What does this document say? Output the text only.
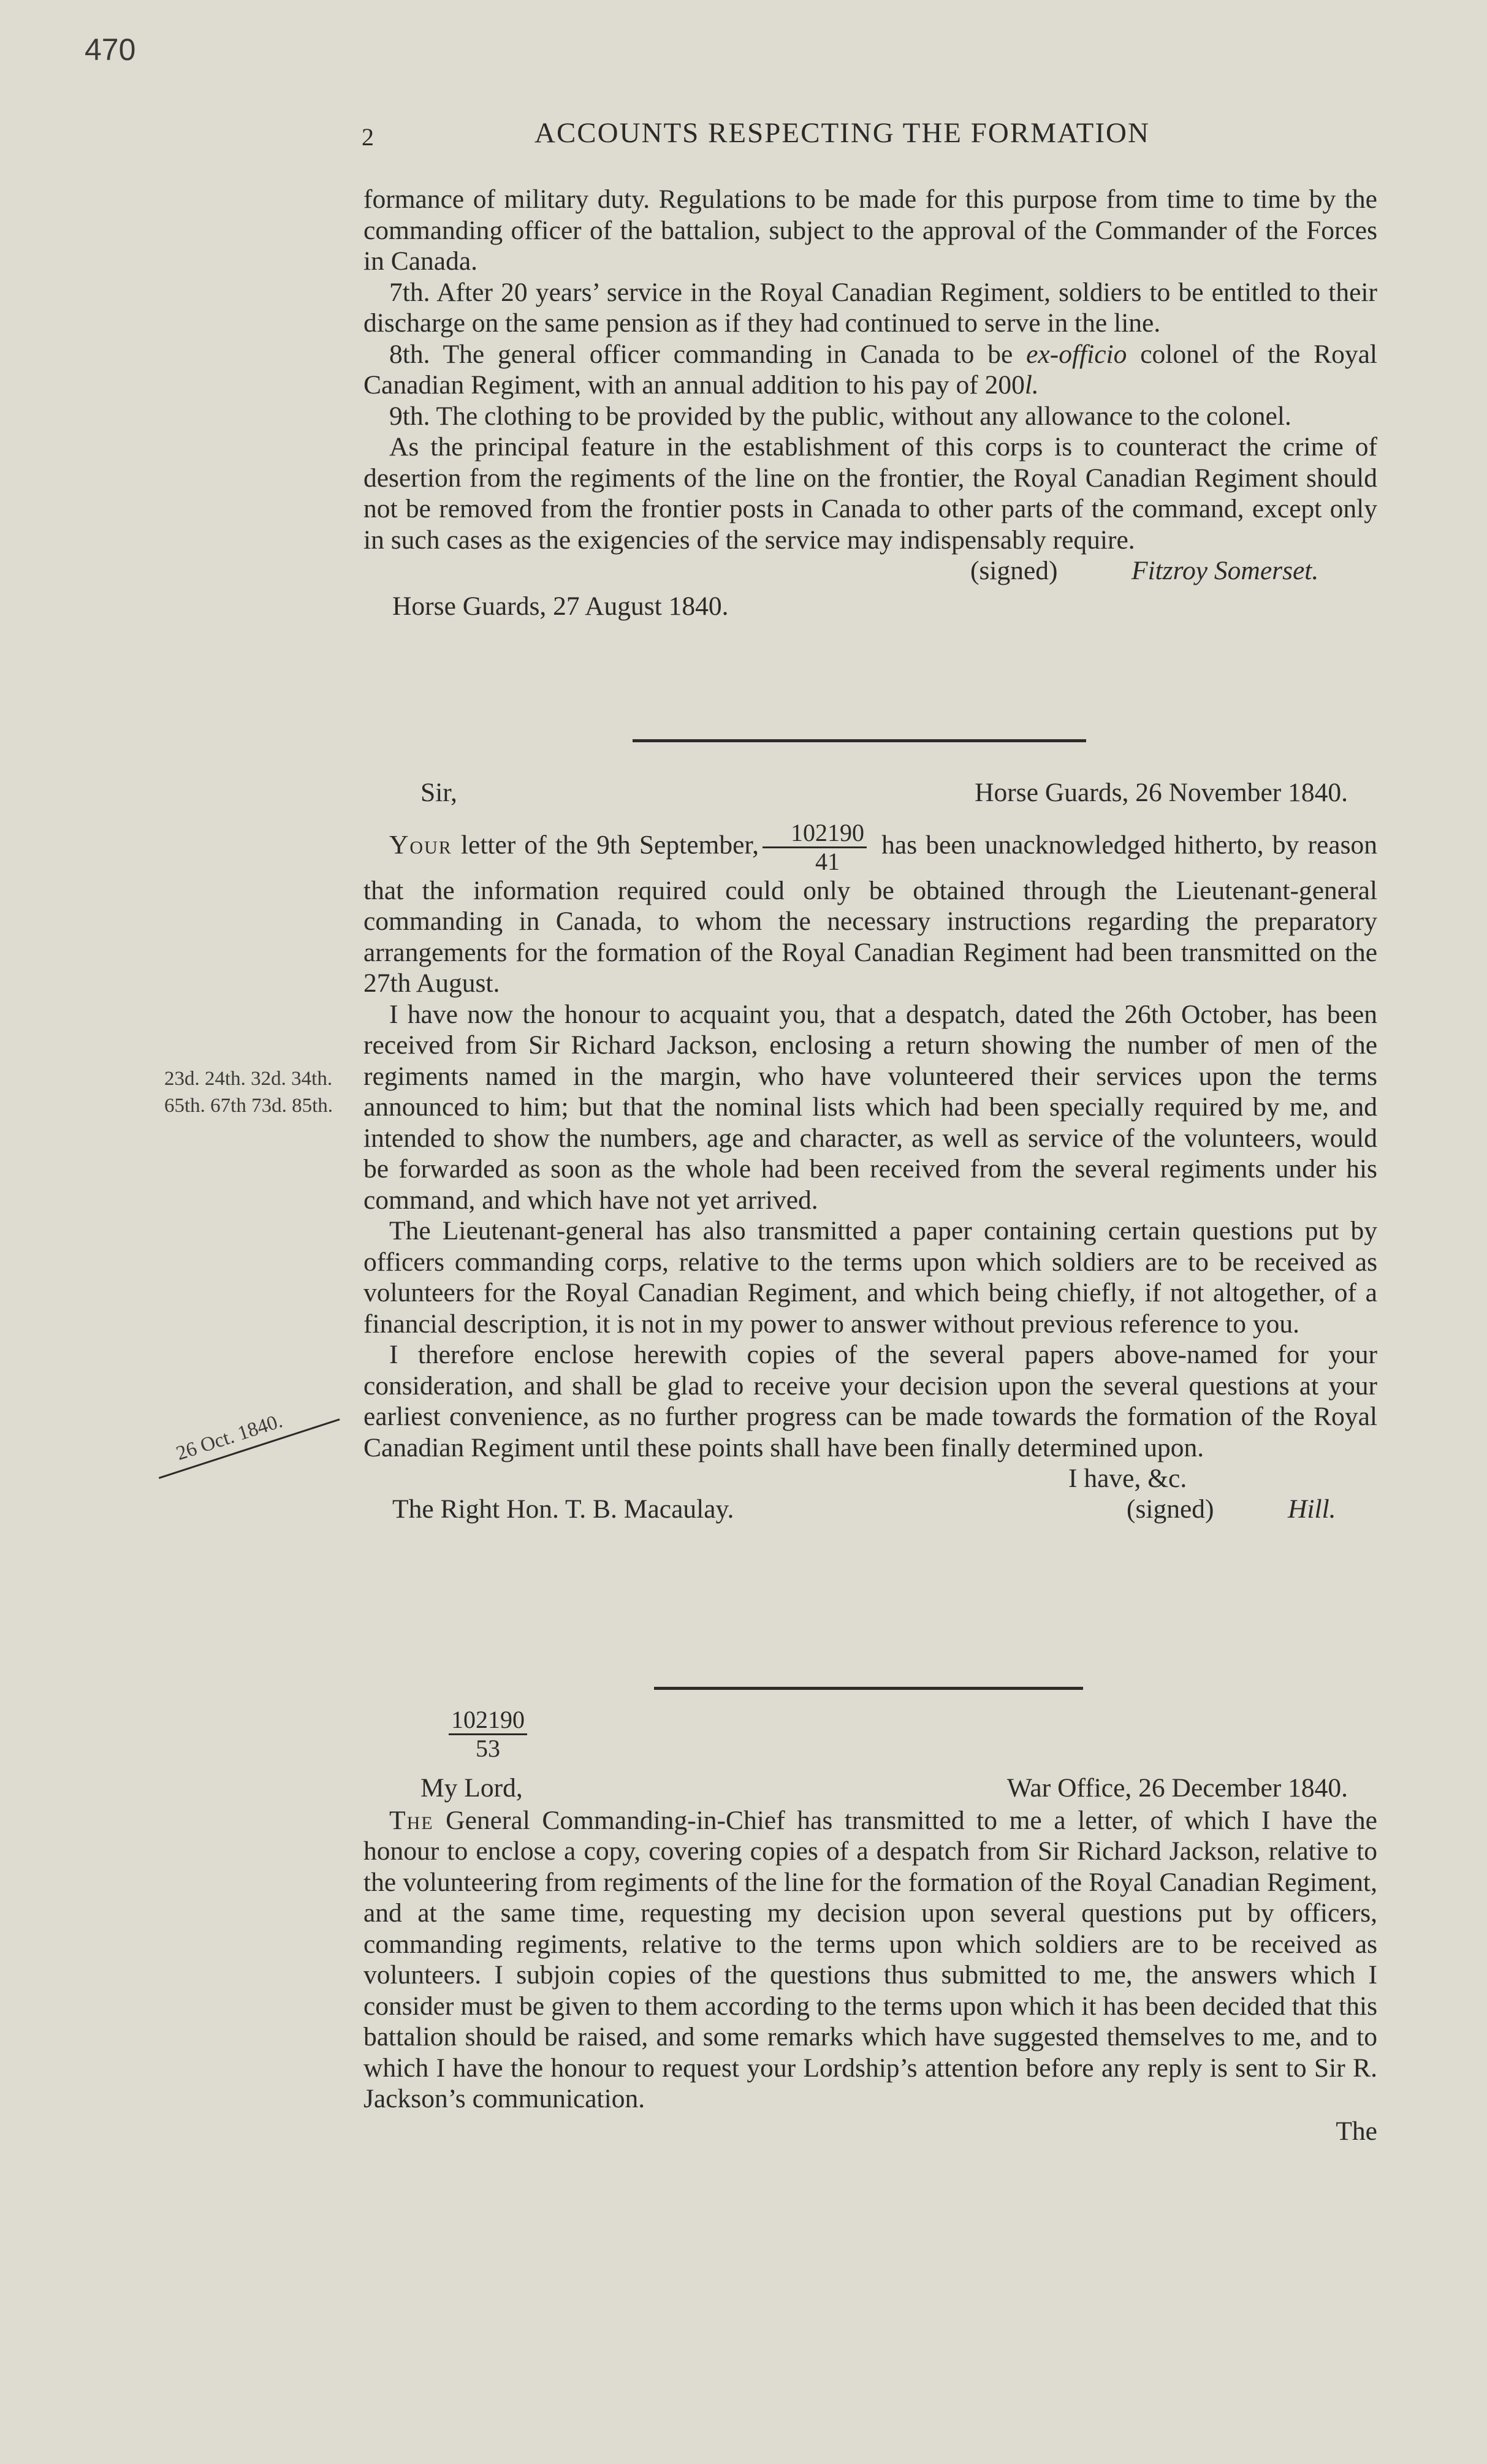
470
2	ACCOUNTS RESPECTING THE FORMATION

formance of military duty. Regulations to be made for this purpose from time to time by the commanding officer of the battalion, subject to the approval of the Commander of the Forces in Canada.

7th. After 20 years’ service in the Royal Canadian Regiment, soldiers to be entitled to their discharge on the same pension as if they had continued to serve in the line.

8th. The general officer commanding in Canada to be ex-officio colonel of the Royal Canadian Regiment, with an annual addition to his pay of 200l.

9th. The clothing to be provided by the public, without any allowance to the colonel.

As the principal feature in the establishment of this corps is to counteract the crime of desertion from the regiments of the line on the frontier, the Royal Canadian Regiment should not be removed from the frontier posts in Canada to other parts of the command, except only in such cases as the exigencies of the service may indispensably require.

(signed)	Fitzroy Somerset.
Horse Guards, 27 August 1840.
Sir,	Horse Guards, 26 November 1840.

Your letter of the 9th September, $\frac{102190}{41}$ has been unacknowledged hitherto, by reason that the information required could only be obtained through the Lieutenant-general commanding in Canada, to whom the necessary instructions regarding the preparatory arrangements for the formation of the Royal Canadian Regiment had been transmitted on the 27th August.

I have now the honour to acquaint you, that a despatch, dated the 26th October, has been received from Sir Richard Jackson, enclosing a return showing the number of men of the regiments named in the margin, who have volunteered their services upon the terms announced to him; but that the nominal lists which had been specially required by me, and intended to show the numbers, age and character, as well as service of the volunteers, would be forwarded as soon as the whole had been received from the several regiments under his command, and which have not yet arrived.

The Lieutenant-general has also transmitted a paper containing certain questions put by officers commanding corps, relative to the terms upon which soldiers are to be received as volunteers for the Royal Canadian Regiment, and which being chiefly, if not altogether, of a financial description, it is not in my power to answer without previous reference to you.

I therefore enclose herewith copies of the several papers above-named for your consideration, and shall be glad to receive your decision upon the several questions at your earliest convenience, as no further progress can be made towards the formation of the Royal Canadian Regiment until these points shall have been finally determined upon.

I have, &c.
The Right Hon. T. B. Macaulay.	(signed)	Hill.
23d. 24th. 32d. 34th. 65th. 67th 73d. 85th.
26 Oct. 1840.
$\frac{102190}{53}$
My Lord,	War Office, 26 December 1840.

The General Commanding-in-Chief has transmitted to me a letter, of which I have the honour to enclose a copy, covering copies of a despatch from Sir Richard Jackson, relative to the volunteering from regiments of the line for the formation of the Royal Canadian Regiment, and at the same time, requesting my decision upon several questions put by officers, commanding regiments, relative to the terms upon which soldiers are to be received as volunteers. I subjoin copies of the questions thus submitted to me, the answers which I consider must be given to them according to the terms upon which it has been decided that this battalion should be raised, and some remarks which have suggested themselves to me, and to which I have the honour to request your Lordship’s attention before any reply is sent to Sir R. Jackson’s communication.

The
